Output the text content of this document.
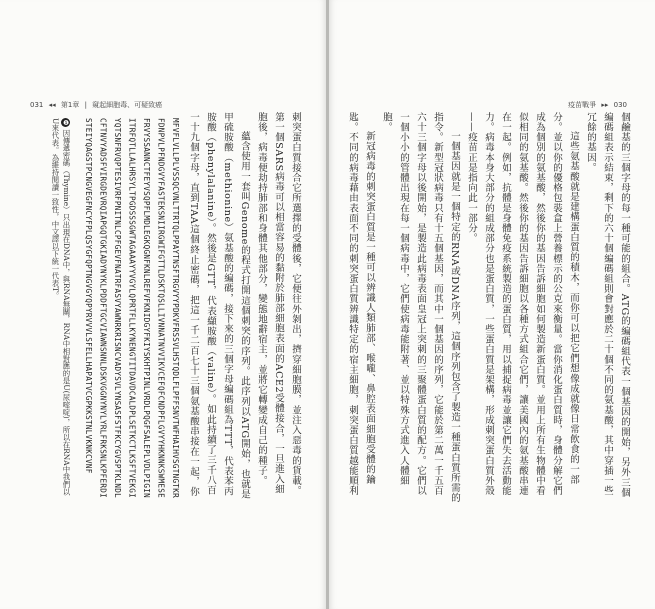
031 ◂◂ 第1章 | 窺起細胞毒、可疑致癌

剌突蛋白質接合它所選擇的受體後，它便往外剝出，擠穿細胞膜，並注入惡毒的貨載。第一個SARS病毒可以相當容易的黏附於肺部細胞表面的ACE2受體接合，一旦進入細胞後，病毒便劫持肺部和身體其他部分，變態地辭宿主，並將它轉變成自己的種子。

蘊含使用一套叫Genome的程式打開這個刺突的序列。此序列以ATG開始，也就是甲硫胺酸（methionine）氨基酸的編碼，接下來的三個字母編碼組為TTT，代表苯丙胺酸（phenylalanine）。然後是GTT，代表纈胺酸（valine）。如此持續了三千八百一十九個字母，直到TAA這個終止密碼，把這一千二百七十三個氨基酸串接在一起，你

MFVFLVLLPLVSSQCVNLTTRTQLPPAYTNSFTRGVYYPDKVFRSSVLHSTQDLFLPFFSNVTWFHAIHVSGTNGTKRFDNPVLPFNDGVYFASTEKSNIIRGWIFGTTLDSKTQSLLIVNNATNVVIKVCEFQFCNDPFLGVYYHKNNKSWMESEFRVYSSANNCTFEYVSQPFLMDLEGKQGNFKNLREFVFKNIDGYFKIYSKHTPINLVRDLPQGFSALEPLVDLPIGINITRFQTLLALHRSYLTPGDSSSGWTAGAAAYYVGYLQPRTFLLKYNENGTITDAVDCALDPLSETKCTLKSFTVEKGIYQTSNFRVQPTESIVRFPNITNLCPFGEVFNATRFASVYAWNRKRISNCVADYSVLYNSASFSTFKCYGVSPTKLNDLCFTNVYADSFVIRGDEVRQIAPGQTGKIADYNYKLPDDFTGCVIAWNSNNLDSKVGGNYNYLYRLFRKSNLKPFERDISTEIYQAGSTPCNGVEGFNCYFPLQSYGFQPTNGVGYQPYRVVVLSFELLHAPATVCGPKKSTNLVKNKCVNF
❶ 因傳遞密碼（Thymine）只出現在DNA中，與RNA無關，RNA中相對應的是U(尿嘧啶)，所以在RNA中我們以U來代表。為維持閱讀一致性，中文譯以下統一代表T。
疫苗戰爭 ▸▸ 030

個鹼基的三個字母的每一種可能的組合。ATG的編碼組代表一個基因的開始，另外三個編碼組表示結束，剩下的六十個編碼組則會對應於二十個不同的氨基酸，其中穿插一些冗餘的基因。

這些氨基酸就是建構蛋白質的積木，而你可以把它們想像成就像日常飲食的一部分。並以你的優格包裝盒上營養標示的公克來衡量。當你消化蛋白質時，身體分解它們成為個別的氨基酸，然後你的基因告訴細胞如何製造新蛋白質。並用上所有生物體中看似相同的氨基酸。然後你的基因告訴細胞以各種方式組合它們，讓美國內的氨基酸串連在一起。例如，抗體是身體免疫系統製造的蛋白質，用以捕捉病毒並讓它們失去活動能力。病毒本身大部分的組成部分也是蛋白質，一些蛋白質是架構，形成刺突蛋白質外殼——疫苗正是指向此一部分。

一個基因就是一個特定的RNA或DNA序列，這個序列包含了製造一種蛋白質所需的指令。新型冠狀病毒只有十五個基因，而其中一個基因的序列，它能於第二萬一千五百六十三個字母以後開始，是製造此病毒表面皇冠上突刺的三聚體蛋白質的配方。它們以一個小小的管體出現在每一個病毒中，它們使病毒能附著、並以特殊方式進入人體細胞。

新冠病毒的刺突蛋白質是一種可以辨識人類肺部、喉嚨、鼻腔表面細胞受體的鑰匙。不同的病毒藉由表面不同的刺突蛋白質辨識特定的宿主細胞，刺突蛋白質越能順利
